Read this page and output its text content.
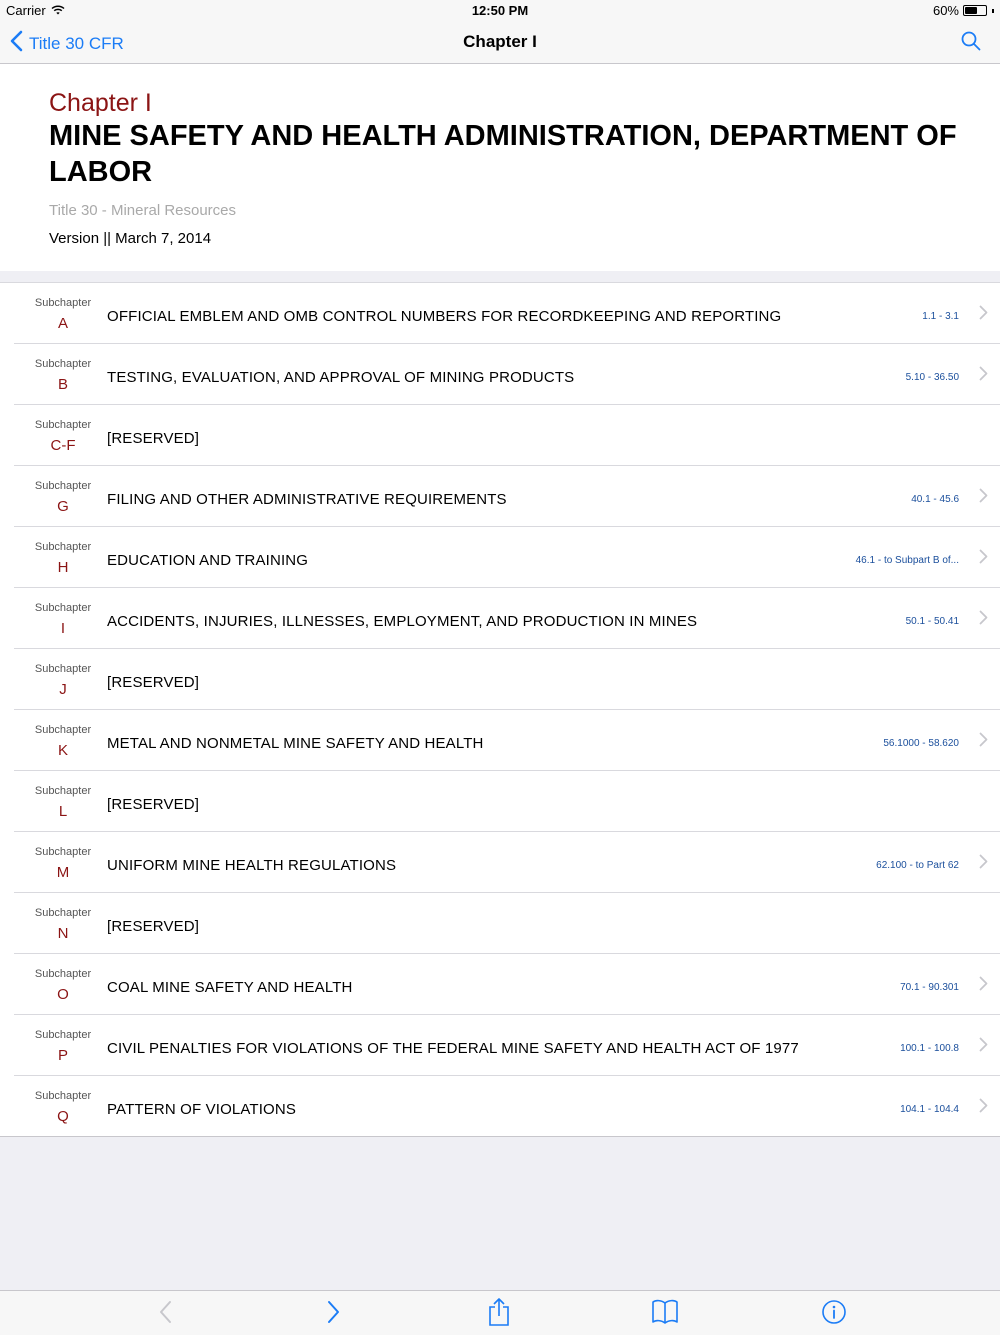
Carrier	12:50 PM	60%
Title 30 CFR	Chapter I
Chapter I
MINE SAFETY AND HEALTH ADMINISTRATION, DEPARTMENT OF LABOR
Title 30 - Mineral Resources
Version || March 7, 2014
Subchapter
A	OFFICIAL EMBLEM AND OMB CONTROL NUMBERS FOR RECORDKEEPING AND REPORTING	1.1 - 3.1
Subchapter
B	TESTING, EVALUATION, AND APPROVAL OF MINING PRODUCTS	5.10 - 36.50
Subchapter
C-F	[RESERVED]
Subchapter
G	FILING AND OTHER ADMINISTRATIVE REQUIREMENTS	40.1 - 45.6
Subchapter
H	EDUCATION AND TRAINING	46.1 - to Subpart B of...
Subchapter
I	ACCIDENTS, INJURIES, ILLNESSES, EMPLOYMENT, AND PRODUCTION IN MINES	50.1 - 50.41
Subchapter
J	[RESERVED]
Subchapter
K	METAL AND NONMETAL MINE SAFETY AND HEALTH	56.1000 - 58.620
Subchapter
L	[RESERVED]
Subchapter
M	UNIFORM MINE HEALTH REGULATIONS	62.100 - to Part 62
Subchapter
N	[RESERVED]
Subchapter
O	COAL MINE SAFETY AND HEALTH	70.1 - 90.301
Subchapter
P	CIVIL PENALTIES FOR VIOLATIONS OF THE FEDERAL MINE SAFETY AND HEALTH ACT OF 1977	100.1 - 100.8
Subchapter
Q	PATTERN OF VIOLATIONS	104.1 - 104.4
